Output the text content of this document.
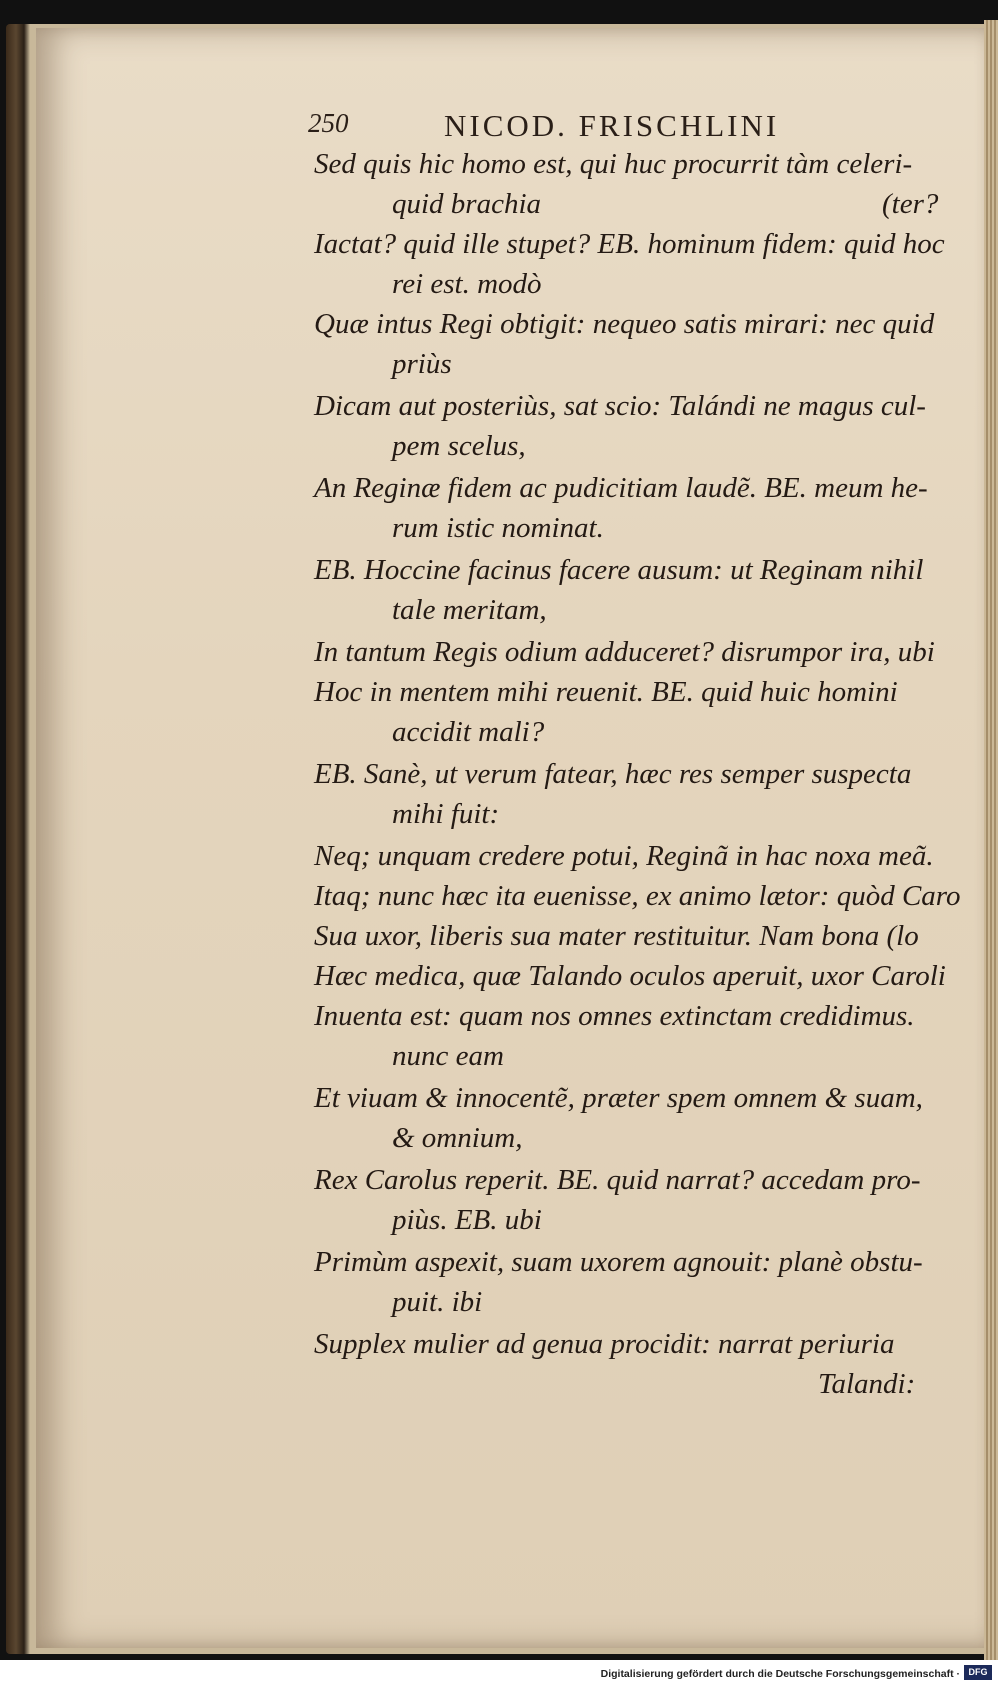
250	NICOD. FRISCHLINI
Sed quis hic homo est, qui huc procurrit tàm celeri-
quid brachia	(ter?
Iactat? quid ille stupet? EB. hominum fidem: quid hoc
rei est. modò
Quæ intus Regi obtigit: nequeo satis mirari: nec quid
priùs
Dicam aut posteriùs, sat scio: Talándi ne magus cul-
pem scelus,
An Reginæ fidem ac pudicitiam laudẽ. BE. meum he-
rum istic nominat.
EB. Hoccine facinus facere ausum: ut Reginam nihil
tale meritam,
In tantum Regis odium adduceret? disrumpor ira, ubi
Hoc in mentem mihi reuenit. BE. quid huic homini
accidit mali?
EB. Sanè, ut verum fatear, hæc res semper suspecta
mihi fuit:
Neq; unquam credere potui, Reginã in hac noxa meã.
Itaq; nunc hæc ita euenisse, ex animo lætor: quòd Caro
Sua uxor, liberis sua mater restituitur. Nam bona (lo
Hæc medica, quæ Talando oculos aperuit, uxor Caroli
Inuenta est: quam nos omnes extinctam credidimus.
nunc eam
Et viuam & innocentẽ, præter spem omnem & suam,
& omnium,
Rex Carolus reperit. BE. quid narrat? accedam pro-
piùs. EB. ubi
Primùm aspexit, suam uxorem agnouit: planè obstu-
puit. ibi
Supplex mulier ad genua procidit: narrat periuria
Talandi:
Digitalisierung gefördert durch die Deutsche Forschungsgemeinschaft · DFG
